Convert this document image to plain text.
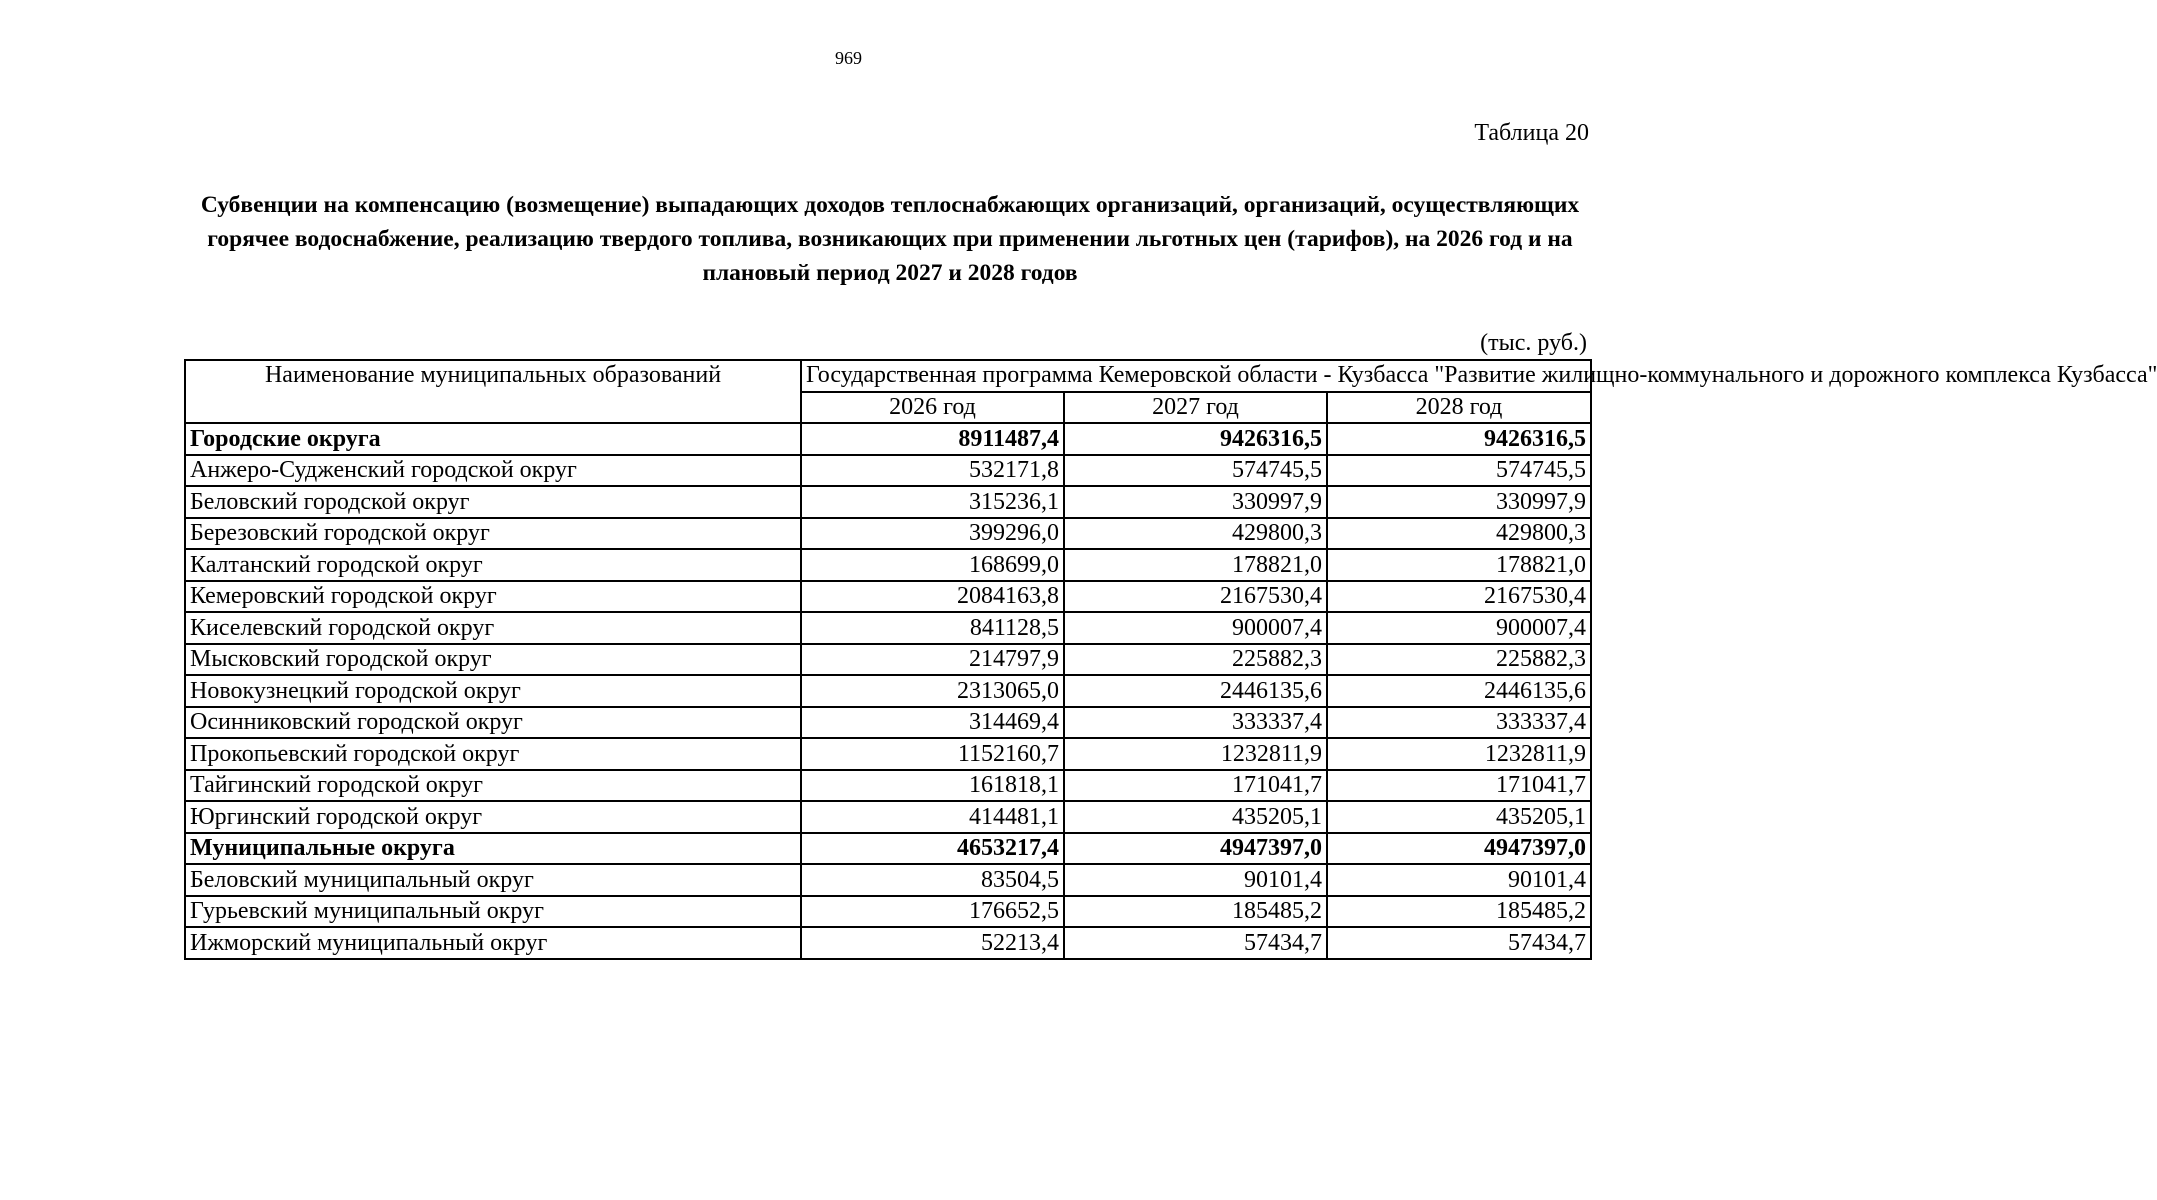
969
Таблица 20
Субвенции на компенсацию (возмещение) выпадающих доходов теплоснабжающих организаций, организаций, осуществляющих горячее водоснабжение, реализацию твердого топлива, возникающих при применении льготных цен (тарифов), на 2026 год и на плановый период 2027 и 2028 годов
(тыс. руб.)
Наименование муниципальных образований	Государственная программа Кемеровской области - Кузбасса "Развитие жилищно-коммунального и дорожного комплекса Кузбасса"		
	2026 год	2027 год	2028 год
Городские округа	8911487,4	9426316,5	9426316,5
Анжеро-Судженский городской округ	532171,8	574745,5	574745,5
Беловский городской округ	315236,1	330997,9	330997,9
Березовский городской округ	399296,0	429800,3	429800,3
Калтанский городской округ	168699,0	178821,0	178821,0
Кемеровский городской округ	2084163,8	2167530,4	2167530,4
Киселевский городской округ	841128,5	900007,4	900007,4
Мысковский городской округ	214797,9	225882,3	225882,3
Новокузнецкий городской округ	2313065,0	2446135,6	2446135,6
Осинниковский городской округ	314469,4	333337,4	333337,4
Прокопьевский городской округ	1152160,7	1232811,9	1232811,9
Тайгинский городской округ	161818,1	171041,7	171041,7
Юргинский городской округ	414481,1	435205,1	435205,1
Муниципальные округа	4653217,4	4947397,0	4947397,0
Беловский муниципальный округ	83504,5	90101,4	90101,4
Гурьевский муниципальный округ	176652,5	185485,2	185485,2
Ижморский муниципальный округ	52213,4	57434,7	57434,7
